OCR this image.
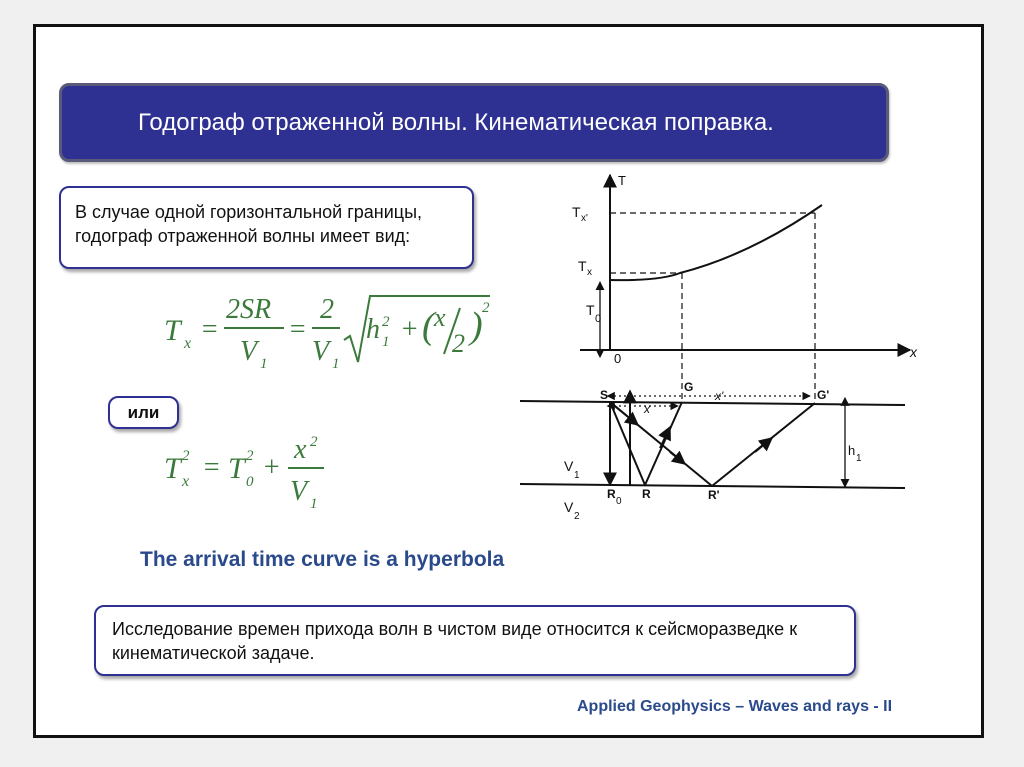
Годограф отраженной волны. Кинематическая поправка.
В случае одной горизонтальной границы, годограф отраженной волны имеет вид:
T x =
2SR
V 1
=
2
V 1
h 2
1 + ( x
2 ) 2
или
T 2
x = T 2
0 +
x 2
V 1
T
x
T x'
T x
T
0
0
S
G
G'
x
x'
V
1
V
2
h
1
R
0
R	R'
The arrival time curve is a hyperbola
Исследование времен прихода волн в чистом виде относится к сейсморазведке к кинематической задаче.
Applied Geophysics – Waves and rays - II
